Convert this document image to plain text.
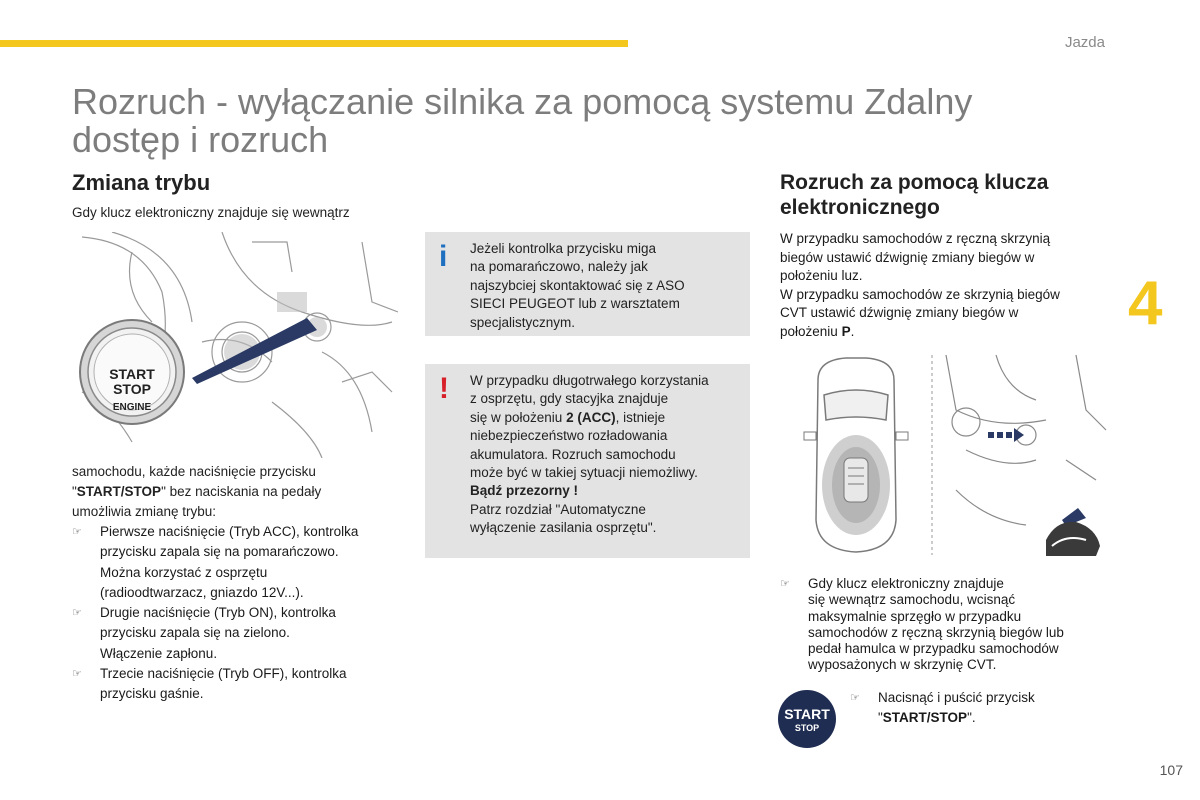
Jazda
Rozruch - wyłączanie silnika za pomocą systemu Zdalny
dostęp i rozruch
Zmiana trybu

Gdy klucz elektroniczny znajduje się wewnątrz

START
STOP
ENGINE

samochodu, każde naciśnięcie przycisku

"START/STOP" bez naciskania na pedały

umożliwia zmianę trybu:

☞ Pierwsze naciśnięcie (Tryb ACC), kontrolka
przycisku zapala się na pomarańczowo.
Można korzystać z osprzętu
(radioodtwarzacz, gniazdo 12V...).
☞ Drugie naciśnięcie (Tryb ON), kontrolka
przycisku zapala się na zielono.
Włączenie zapłonu.
☞ Trzecie naciśnięcie (Tryb OFF), kontrolka
przycisku gaśnie.
i Jeżeli kontrolka przycisku miga
na pomarańczowo, należy jak
najszybciej skontaktować się z ASO
SIECI PEUGEOT lub z warsztatem
specjalistycznym.
! W przypadku długotrwałego korzystania
z osprzętu, gdy stacyjka znajduje
się w położeniu 2 (ACC), istnieje
niebezpieczeństwo rozładowania
akumulatora. Rozruch samochodu
może być w takiej sytuacji niemożliwy.
Bądź przezorny !
Patrz rozdział "Automatyczne
wyłączenie zasilania osprzętu".
4
Rozruch za pomocą klucza
elektronicznego
W przypadku samochodów z ręczną skrzynią
biegów ustawić dźwignię zmiany biegów w
położeniu luz.
W przypadku samochodów ze skrzynią biegów
CVT ustawić dźwignię zmiany biegów w
położeniu P.
☞ Gdy klucz elektroniczny znajduje
się wewnątrz samochodu, wcisnąć
maksymalnie sprzęgło w przypadku
samochodów z ręczną skrzynią biegów lub
pedał hamulca w przypadku samochodów
wyposażonych w skrzynię CVT.
START
STOP
☞ Nacisnąć i puścić przycisk
"START/STOP".
107
